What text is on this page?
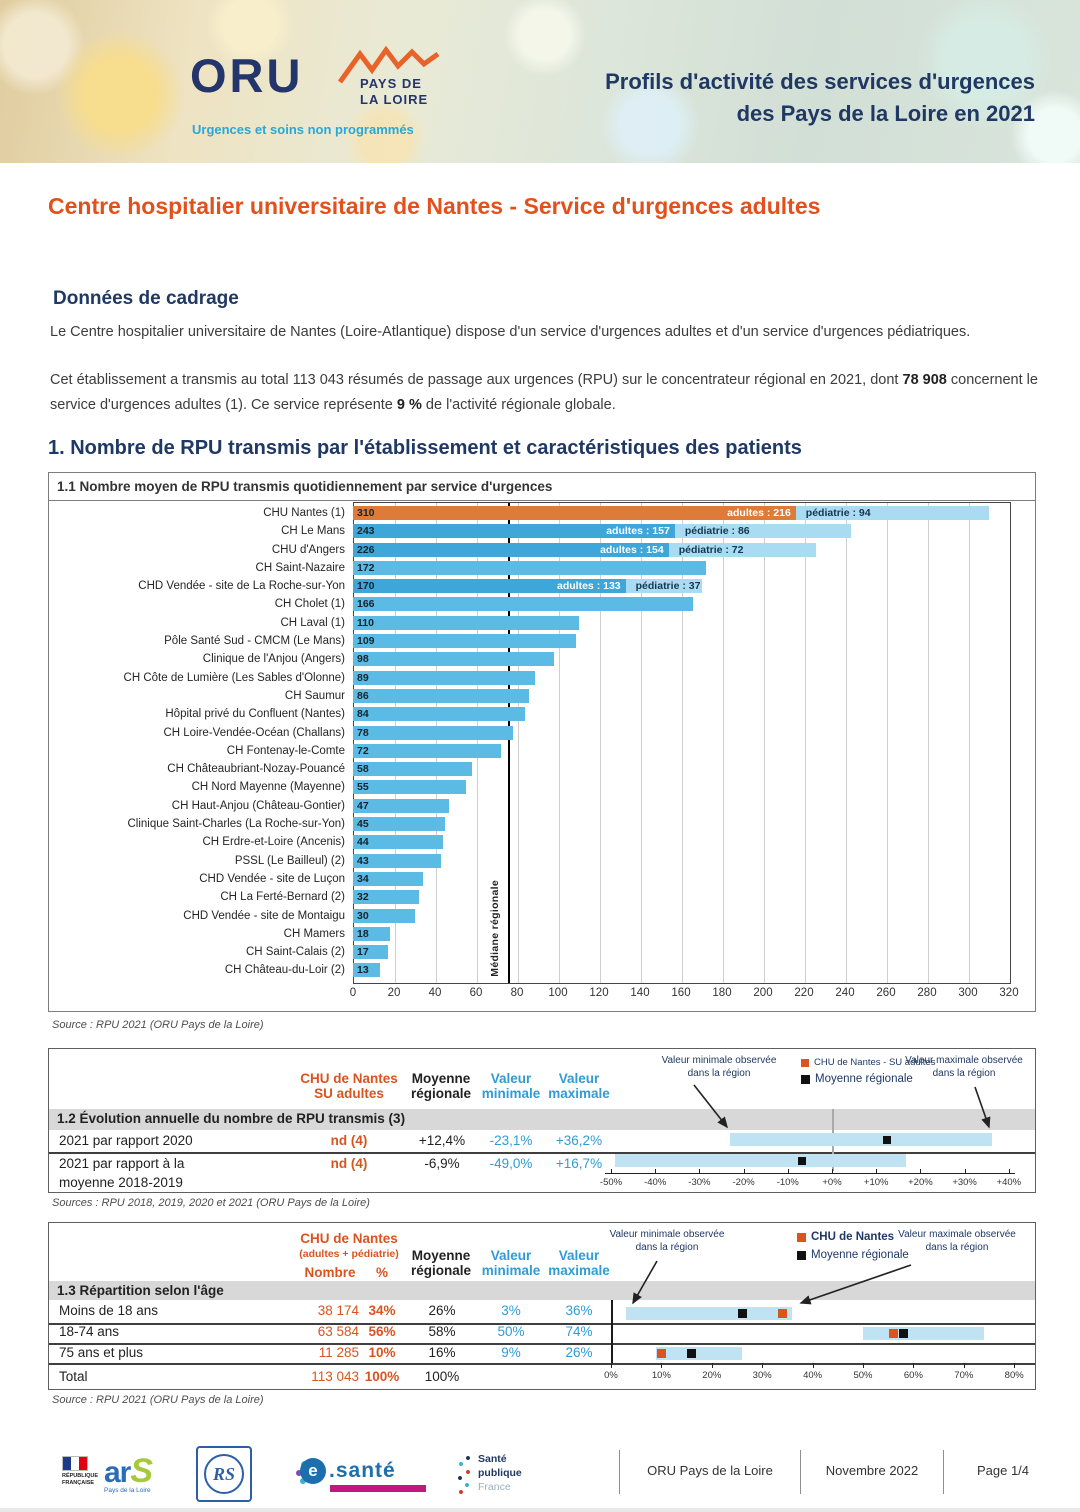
ORU	PAYS DE
LA LOIRE
Urgences et soins non programmés
Profils d'activité des services d'urgences
des Pays de la Loire en 2021
Centre hospitalier universitaire de Nantes - Service d'urgences adultes
Données de cadrage
Le Centre hospitalier universitaire de Nantes (Loire-Atlantique) dispose d'un service d'urgences adultes et d'un service d'urgences pédiatriques.
Cet établissement a transmis au total 113 043 résumés de passage aux urgences (RPU) sur le concentrateur régional en 2021, dont 78 908 concernent le service d'urgences adultes (1). Ce service représente 9 % de l'activité régionale globale.
1. Nombre de RPU transmis par l'établissement et caractéristiques des patients
1.1 Nombre moyen de RPU transmis quotidiennement par service d'urgences
Médiane régionale
CHU Nantes (1)	adultes : 216	pédiatrie : 94
310
CH Le Mans	adultes : 157	pédiatrie : 86
243
CHU d'Angers	adultes : 154	pédiatrie : 72
226
CH Saint-Nazaire	172
CHD Vendée - site de La Roche-sur-Yon	adultes : 133	pédiatrie : 37
170
CH Cholet (1)	166
CH Laval (1)	110
Pôle Santé Sud - CMCM (Le Mans)	109
Clinique de l'Anjou (Angers)	98
CH Côte de Lumière (Les Sables d'Olonne)	89
CH Saumur	86
Hôpital privé du Confluent (Nantes)	84
CH Loire-Vendée-Océan (Challans)	78
CH Fontenay-le-Comte	72
CH Châteaubriant-Nozay-Pouancé	58
CH Nord Mayenne (Mayenne)	55
CH Haut-Anjou (Château-Gontier)	47
Clinique Saint-Charles (La Roche-sur-Yon)	45
CH Erdre-et-Loire (Ancenis)	44
PSSL (Le Bailleul) (2)	43
CHD Vendée - site de Luçon	34
CH La Ferté-Bernard (2)	32
CHD Vendée - site de Montaigu	30
CH Mamers	18
CH Saint-Calais (2)	17
CH Château-du-Loir (2)	13
0	20 40 60 80 100 120 140 160 180 200 220 240 260 280 300 320
Source : RPU 2021 (ORU Pays de la Loire)
CHU de Nantes
SU adultes
Moyenne
régionale
Valeur
minimale
Valeur
maximale
1.2 Évolution annuelle du nombre de RPU transmis (3)
2021 par rapport 2020	nd (4)	+12,4%	-23,1%	+36,2%
2021 par rapport à la
moyenne 2018-2019
nd (4)	-6,9%	-49,0%	+16,7%
Valeur minimale observée
dans la région
Valeur maximale observée
dans la région
CHU de Nantes - SU adultes
Moyenne régionale
-50% -40% -30% -20% -10% +0% +10% +20% +30% +40%
Sources : RPU 2018, 2019, 2020 et 2021 (ORU Pays de la Loire)
CHU de Nantes
(adultes + pédiatrie)
Nombre	%
Moyenne
régionale
Valeur
minimale
Valeur
maximale
1.3 Répartition selon l'âge
Moins de 18 ans	38 174 34%	26%	3%	36%
18-74 ans	63 584 56%	58%	50%	74%
75 ans et plus	11 285 10%	16%	9%	26%
Total	113 043 100%	100%
Valeur minimale observée
dans la région
Valeur maximale observée
dans la région
CHU de Nantes
Moyenne régionale
0%	10%	20%	30%	40%	50%	60%	70%	80%
Source : RPU 2021 (ORU Pays de la Loire)
RÉPUBLIQUE
FRANÇAISE arS
Pays de la Loire
RS	e .santé	Santé
publique
France
ORU Pays de la Loire	Novembre 2022	Page 1/4
